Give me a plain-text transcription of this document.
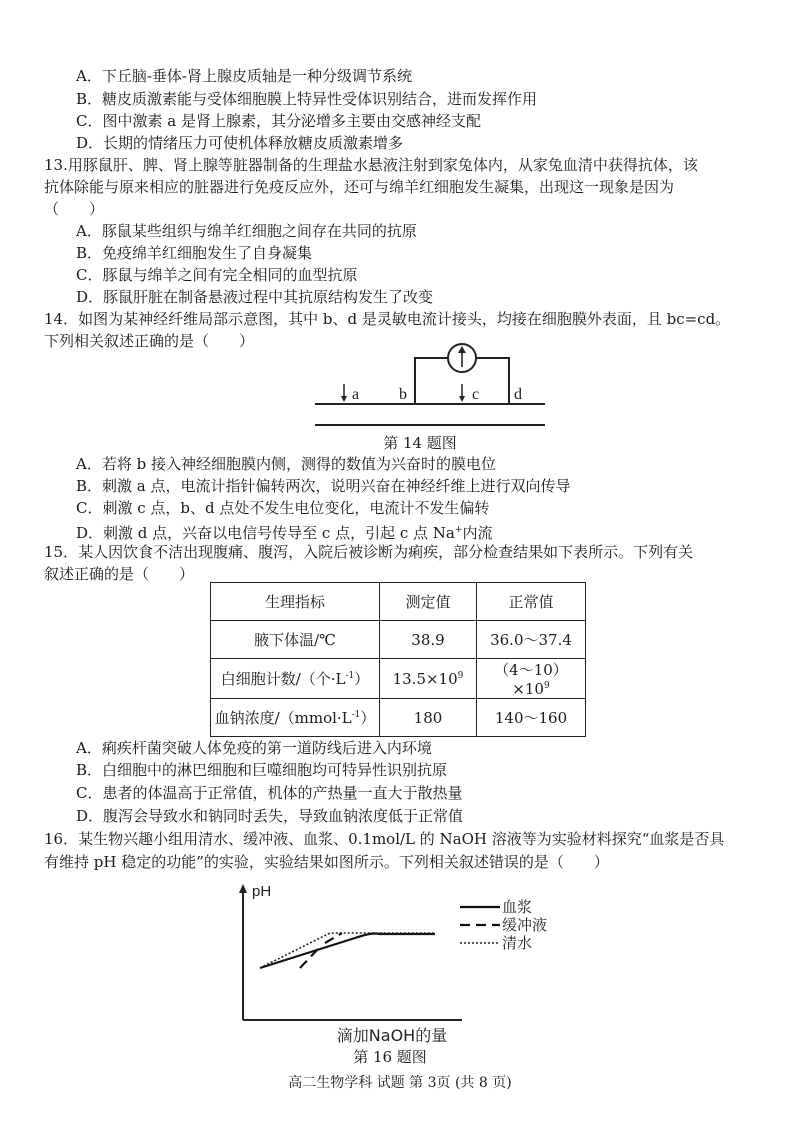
A．下丘脑-垂体-肾上腺皮质轴是一种分级调节系统
B．糖皮质激素能与受体细胞膜上特异性受体识别结合，进而发挥作用
C．图中激素 a 是肾上腺素，其分泌增多主要由交感神经支配
D．长期的情绪压力可使机体释放糖皮质激素增多
13.用豚鼠肝、脾、肾上腺等脏器制备的生理盐水悬液注射到家兔体内，从家兔血清中获得抗体，该
抗体除能与原来相应的脏器进行免疫反应外，还可与绵羊红细胞发生凝集，出现这一现象是因为
（　　）
A．豚鼠某些组织与绵羊红细胞之间存在共同的抗原
B．免疫绵羊红细胞发生了自身凝集
C．豚鼠与绵羊之间有完全相同的血型抗原
D．豚鼠肝脏在制备悬液过程中其抗原结构发生了改变
14．如图为某神经纤维局部示意图，其中 b、d 是灵敏电流计接头，均接在细胞膜外表面，且 bc=cd。
下列相关叙述正确的是（　　）
a b	c d
第 14 题图
A．若将 b 接入神经细胞膜内侧，测得的数值为兴奋时的膜电位
B．刺激 a 点，电流计指针偏转两次，说明兴奋在神经纤维上进行双向传导
C．刺激 c 点，b、d 点处不发生电位变化，电流计不发生偏转
D．刺激 d 点，兴奋以电信号传导至 c 点，引起 c 点 Na+内流
15．某人因饮食不洁出现腹痛、腹泻，入院后被诊断为痢疾，部分检查结果如下表所示。下列有关
叙述正确的是（　　）
生理指标	测定值	正常值
腋下体温/℃	38.9	36.0～37.4
白细胞计数/（个$\cdot L^{-1}$）	$13.5\times 10^9$	$(4\sim 10)\times 10^9$
血钠浓度$/(mmol\cdot L^{-1})$	180	140～160
A．痢疾杆菌突破人体免疫的第一道防线后进入内环境
B．白细胞中的淋巴细胞和巨噬细胞均可特异性识别抗原
C．患者的体温高于正常值，机体的产热量一直大于散热量
D．腹泻会导致水和钠同时丢失，导致血钠浓度低于正常值
16．某生物兴趣小组用清水、缓冲液、血浆、0.1mol/L 的 NaOH 溶液等为实验材料探究“血浆是否具
有维持 pH 稳定的功能”的实验，实验结果如图所示。下列相关叙述错误的是（　　）
pH
血浆
缓冲液
清水
滴加NaOH的量
第 16 题图
高二生物学科 试题 第 3页 (共 8 页)
